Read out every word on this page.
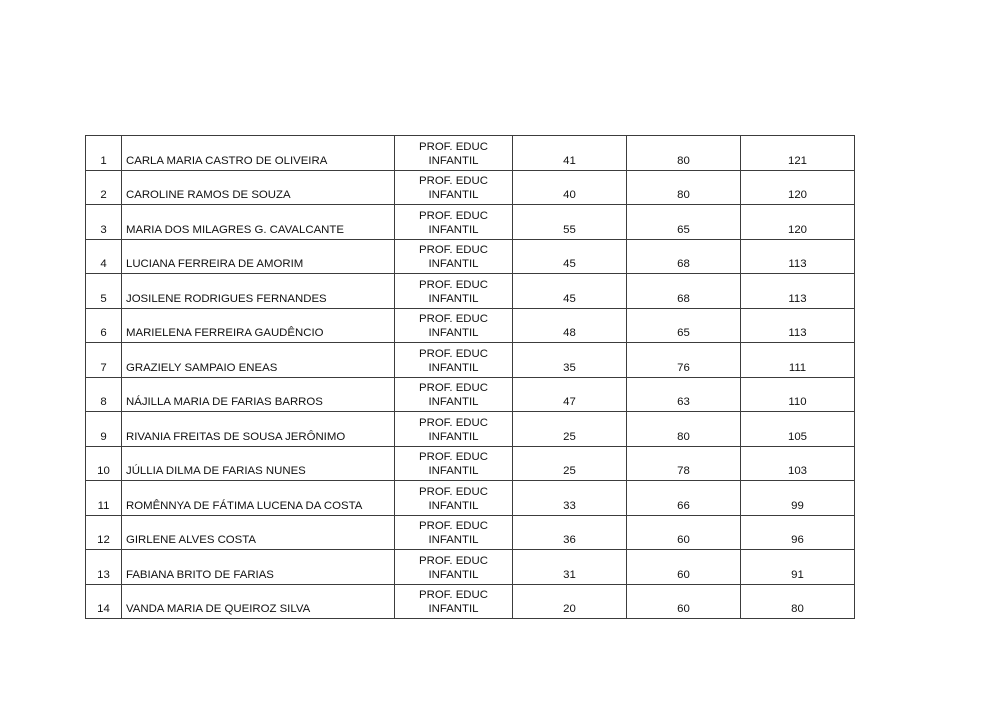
1	CARLA MARIA CASTRO DE OLIVEIRA	PROF. EDUC
INFANTIL	41	80	121
2	CAROLINE RAMOS DE SOUZA	PROF. EDUC
INFANTIL	40	80	120
3	MARIA DOS MILAGRES G. CAVALCANTE	PROF. EDUC
INFANTIL	55	65	120
4	LUCIANA FERREIRA DE AMORIM	PROF. EDUC
INFANTIL	45	68	113
5	JOSILENE RODRIGUES FERNANDES	PROF. EDUC
INFANTIL	45	68	113
6	MARIELENA FERREIRA GAUDÊNCIO	PROF. EDUC
INFANTIL	48	65	113
7	GRAZIELY SAMPAIO ENEAS	PROF. EDUC
INFANTIL	35	76	111
8	NÁJILLA MARIA DE FARIAS BARROS	PROF. EDUC
INFANTIL	47	63	110
9	RIVANIA FREITAS DE SOUSA JERÔNIMO	PROF. EDUC
INFANTIL	25	80	105
10	JÚLLIA DILMA DE FARIAS NUNES	PROF. EDUC
INFANTIL	25	78	103
11	ROMÊNNYA DE FÁTIMA LUCENA DA COSTA	PROF. EDUC
INFANTIL	33	66	99
12	GIRLENE ALVES COSTA	PROF. EDUC
INFANTIL	36	60	96
13	FABIANA BRITO DE FARIAS	PROF. EDUC
INFANTIL	31	60	91
14	VANDA MARIA DE QUEIROZ SILVA	PROF. EDUC
INFANTIL	20	60	80
